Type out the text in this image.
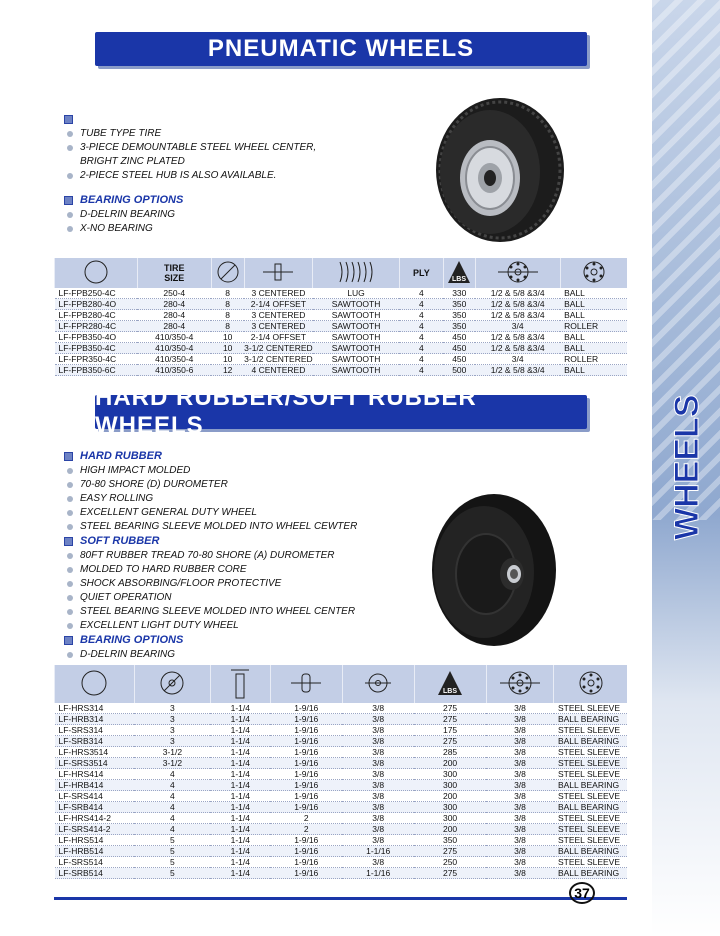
WHEELS
PNEUMATIC WHEELS
TUBE TYPE TIRE
3-PIECE DEMOUNTABLE STEEL WHEEL CENTER,
BRIGHT ZINC PLATED
2-PIECE STEEL HUB IS ALSO AVAILABLE.
BEARING OPTIONS
D-DELRIN BEARING
X-NO BEARING

TIRE
SIZE				PLY	LBS

LF-FPB250-4C	250-4	8	3 CENTERED	LUG	4	330	1/2 & 5/8 &3/4	BALL
LF-FPB280-4O	280-4	8	2-1/4 OFFSET	SAWTOOTH	4	350	1/2 & 5/8 &3/4	BALL
LF-FPB280-4C	280-4	8	3 CENTERED	SAWTOOTH	4	350	1/2 & 5/8 &3/4	BALL
LF-FPR280-4C	280-4	8	3 CENTERED	SAWTOOTH	4	350	3/4	ROLLER
LF-FPB350-4O	410/350-4	10	2-1/4 OFFSET	SAWTOOTH	4	450	1/2 & 5/8 &3/4	BALL
LF-FPB350-4C	410/350-4	10	3-1/2 CENTERED	SAWTOOTH	4	450	1/2 & 5/8 &3/4	BALL
LF-FPR350-4C	410/350-4	10	3-1/2 CENTERED	SAWTOOTH	4	450	3/4	ROLLER
LF-FPB350-6C	410/350-6	12	4 CENTERED	SAWTOOTH	4	500	1/2 & 5/8 &3/4	BALL
HARD RUBBER/SOFT RUBBER WHEELS
HARD RUBBER
HIGH IMPACT MOLDED
70-80 SHORE (D) DUROMETER
EASY ROLLING
EXCELLENT GENERAL DUTY WHEEL
STEEL BEARING SLEEVE MOLDED INTO WHEEL CEWTER
SOFT RUBBER
80FT RUBBER TREAD 70-80 SHORE (A) DUROMETER
MOLDED TO HARD RUBBER CORE
SHOCK ABSORBING/FLOOR PROTECTIVE
QUIET OPERATION
STEEL BEARING SLEEVE MOLDED INTO WHEEL CENTER
EXCELLENT LIGHT DUTY WHEEL
BEARING OPTIONS
D-DELRIN BEARING

LBS

LF-HRS314	3	1-1/4	1-9/16	3/8	275	3/8	STEEL SLEEVE
LF-HRB314	3	1-1/4	1-9/16	3/8	275	3/8	BALL BEARING
LF-SRS314	3	1-1/4	1-9/16	3/8	175	3/8	STEEL SLEEVE
LF-SRB314	3	1-1/4	1-9/16	3/8	275	3/8	BALL BEARING
LF-HRS3514	3-1/2	1-1/4	1-9/16	3/8	285	3/8	STEEL SLEEVE
LF-SRS3514	3-1/2	1-1/4	1-9/16	3/8	200	3/8	STEEL SLEEVE
LF-HRS414	4	1-1/4	1-9/16	3/8	300	3/8	STEEL SLEEVE
LF-HRB414	4	1-1/4	1-9/16	3/8	300	3/8	BALL BEARING
LF-SRS414	4	1-1/4	1-9/16	3/8	200	3/8	STEEL SLEEVE
LF-SRB414	4	1-1/4	1-9/16	3/8	300	3/8	BALL BEARING
LF-HRS414-2	4	1-1/4	2	3/8	300	3/8	STEEL SLEEVE
LF-SRS414-2	4	1-1/4	2	3/8	200	3/8	STEEL SLEEVE
LF-HRS514	5	1-1/4	1-9/16	3/8	350	3/8	STEEL SLEEVE
LF-HRB514	5	1-1/4	1-9/16	1-1/16	275	3/8	BALL BEARING
LF-SRS514	5	1-1/4	1-9/16	3/8	250	3/8	STEEL SLEEVE
LF-SRB514	5	1-1/4	1-9/16	1-1/16	275	3/8	BALL BEARING
37
